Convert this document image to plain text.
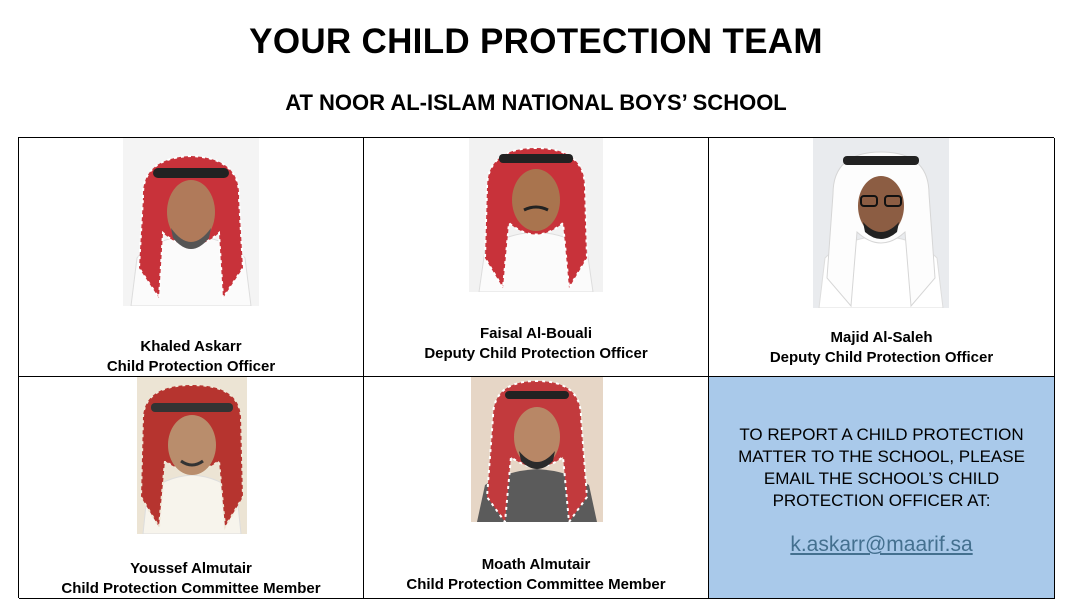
YOUR CHILD PROTECTION TEAM
AT NOOR AL-ISLAM NATIONAL BOYS’ SCHOOL
Khaled Askarr
Child Protection Officer
Faisal Al-Bouali
Deputy Child Protection Officer
Majid Al-Saleh
Deputy Child Protection Officer
Youssef Almutair
Child Protection Committee Member
Moath Almutair
Child Protection Committee Member
TO REPORT A CHILD PROTECTION MATTER TO THE SCHOOL, PLEASE EMAIL THE SCHOOL’S CHILD PROTECTION OFFICER AT:
k.askarr@maarif.sa
